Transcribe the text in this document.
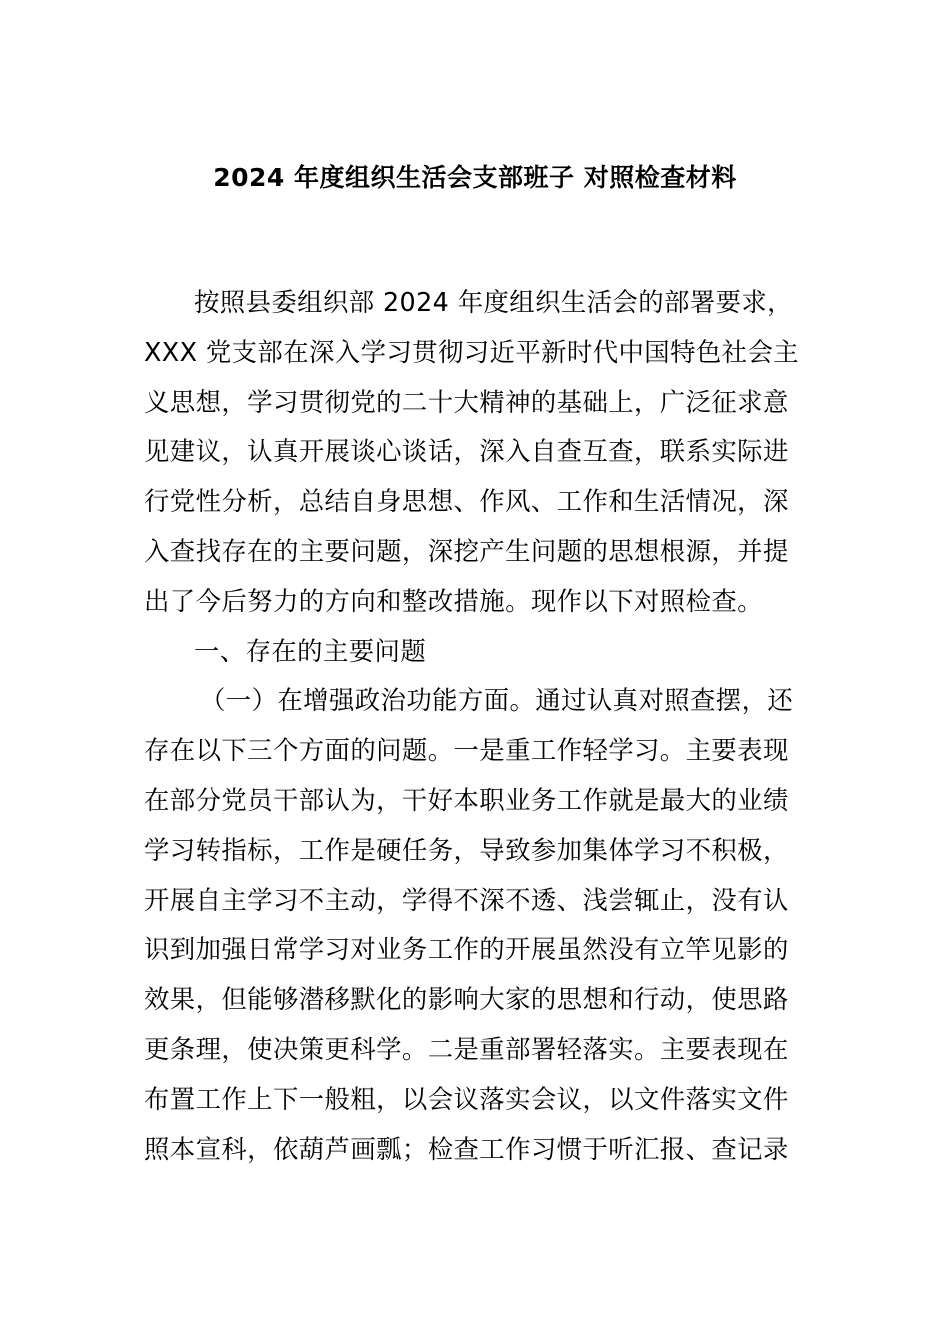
2024 年度组织生活会支部班子 对照检查材料
按照县委组织部 2024 年度组织生活会的部署要求，
XXX 党支部在深入学习贯彻习近平新时代中国特色社会主
义思想，学习贯彻党的二十大精神的基础上，广泛征求意
见建议，认真开展谈心谈话，深入自查互查，联系实际进
行党性分析，总结自身思想、作风、工作和生活情况，深
入查找存在的主要问题，深挖产生问题的思想根源，并提
出了今后努力的方向和整改措施。现作以下对照检查。
一、存在的主要问题
（一）在增强政治功能方面。通过认真对照查摆，还
存在以下三个方面的问题。一是重工作轻学习。主要表现
在部分党员干部认为，干好本职业务工作就是最大的业绩
学习转指标，工作是硬任务，导致参加集体学习不积极，
开展自主学习不主动，学得不深不透、浅尝辄止，没有认
识到加强日常学习对业务工作的开展虽然没有立竿见影的
效果，但能够潜移默化的影响大家的思想和行动，使思路
更条理，使决策更科学。二是重部署轻落实。主要表现在
布置工作上下一般粗，以会议落实会议，以文件落实文件
照本宣科，依葫芦画瓢；检查工作习惯于听汇报、查记录
